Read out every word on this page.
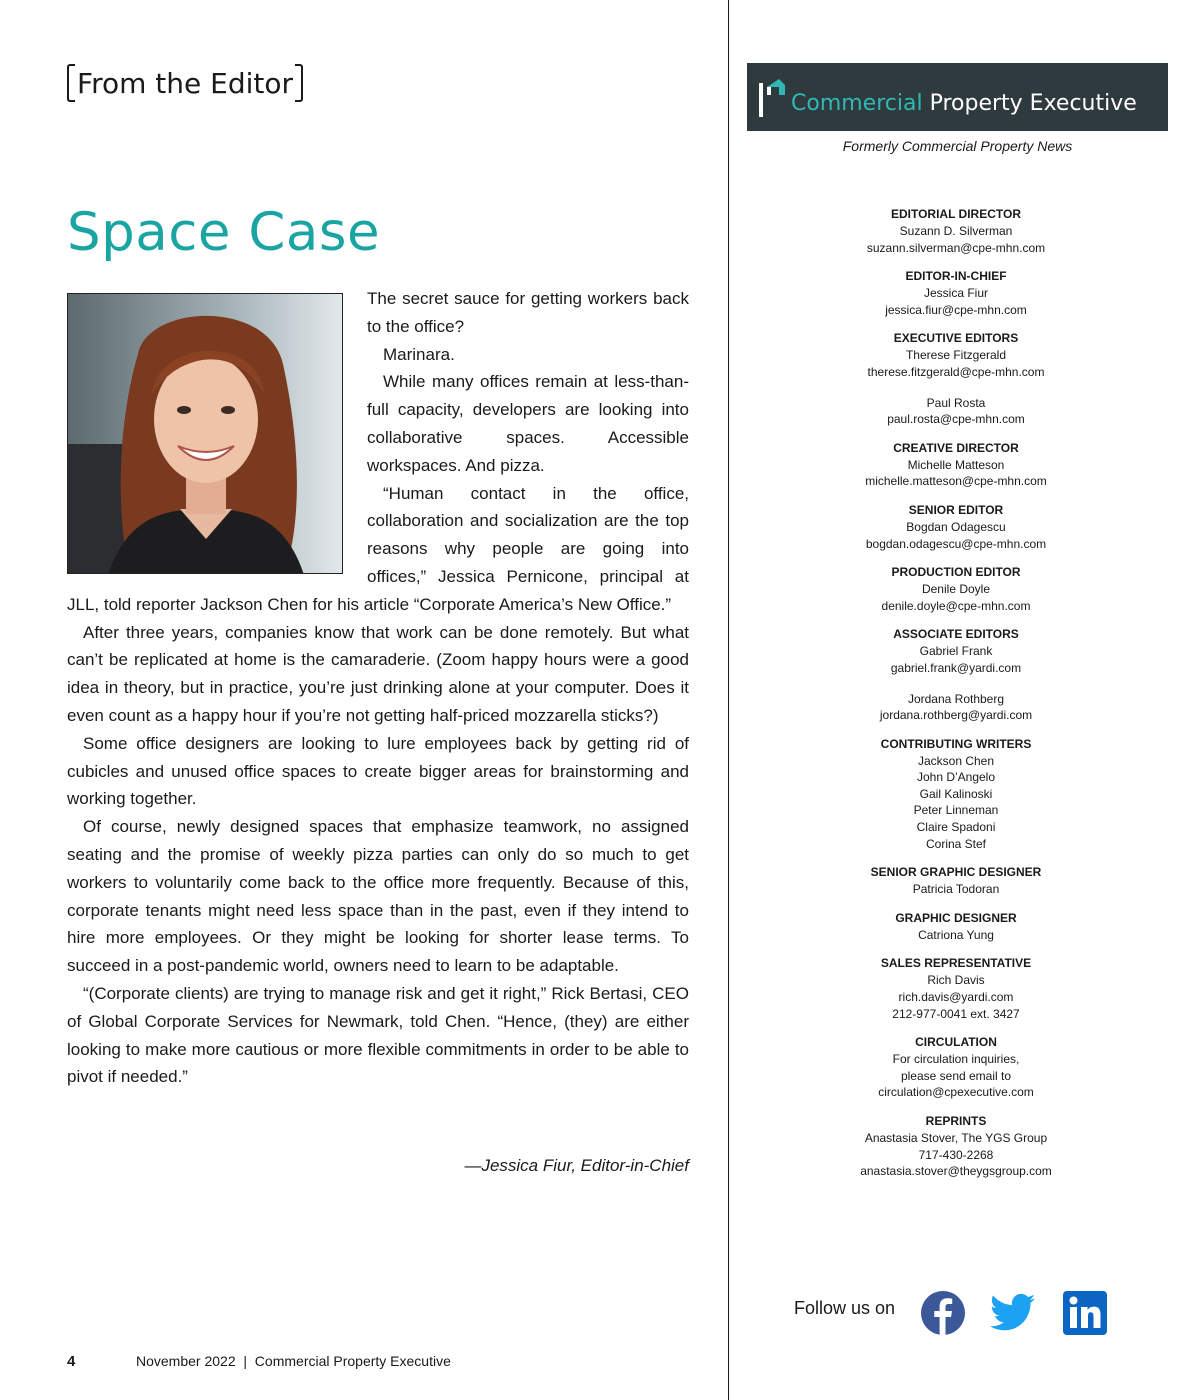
From the Editor
Space Case

The secret sauce for getting workers back to the office?

Marinara.

While many offices remain at less-than-full capacity, developers are looking into collaborative spaces. Accessible workspaces. And pizza.

“Human contact in the office, collaboration and socialization are the top reasons why people are going into offices,” Jessica Pernicone, principal at JLL, told reporter Jackson Chen for his article “Corporate America’s New Office.”

After three years, companies know that work can be done remotely. But what can’t be replicated at home is the camaraderie. (Zoom happy hours were a good idea in theory, but in practice, you’re just drinking alone at your computer. Does it even count as a happy hour if you’re not getting half-priced mozzarella sticks?)

Some office designers are looking to lure employees back by getting rid of cubicles and unused office spaces to create bigger areas for brainstorming and working together.

Of course, newly designed spaces that emphasize teamwork, no assigned seating and the promise of weekly pizza parties can only do so much to get workers to voluntarily come back to the office more frequently. Because of this, corporate tenants might need less space than in the past, even if they intend to hire more employees. Or they might be looking for shorter lease terms. To succeed in a post-pandemic world, owners need to learn to be adaptable.

“(Corporate clients) are trying to manage risk and get it right,” Rick Bertasi, CEO of Global Corporate Services for Newmark, told Chen. “Hence, (they) are either looking to make more cautious or more flexible commitments in order to be able to pivot if needed.”

—Jessica Fiur, Editor-in-Chief
4	November 2022  |  Commercial Property Executive
Commercial Property Executive
Formerly Commercial Property News
EDITORIAL DIRECTOR
Suzann D. Silverman
suzann.silverman@cpe-mhn.com
EDITOR-IN-CHIEF
Jessica Fiur
jessica.fiur@cpe-mhn.com
EXECUTIVE EDITORS
Therese Fitzgerald
therese.fitzgerald@cpe-mhn.com
Paul Rosta
paul.rosta@cpe-mhn.com
CREATIVE DIRECTOR
Michelle Matteson
michelle.matteson@cpe-mhn.com
SENIOR EDITOR
Bogdan Odagescu
bogdan.odagescu@cpe-mhn.com
PRODUCTION EDITOR
Denile Doyle
denile.doyle@cpe-mhn.com
ASSOCIATE EDITORS
Gabriel Frank
gabriel.frank@yardi.com
Jordana Rothberg
jordana.rothberg@yardi.com
CONTRIBUTING WRITERS
Jackson Chen
John D’Angelo
Gail Kalinoski
Peter Linneman
Claire Spadoni
Corina Stef
SENIOR GRAPHIC DESIGNER
Patricia Todoran
GRAPHIC DESIGNER
Catriona Yung
SALES REPRESENTATIVE
Rich Davis
rich.davis@yardi.com
212-977-0041 ext. 3427
CIRCULATION
For circulation inquiries,
please send email to
circulation@cpexecutive.com
REPRINTS
Anastasia Stover, The YGS Group
717-430-2268
anastasia.stover@theygsgroup.com
Follow us on
